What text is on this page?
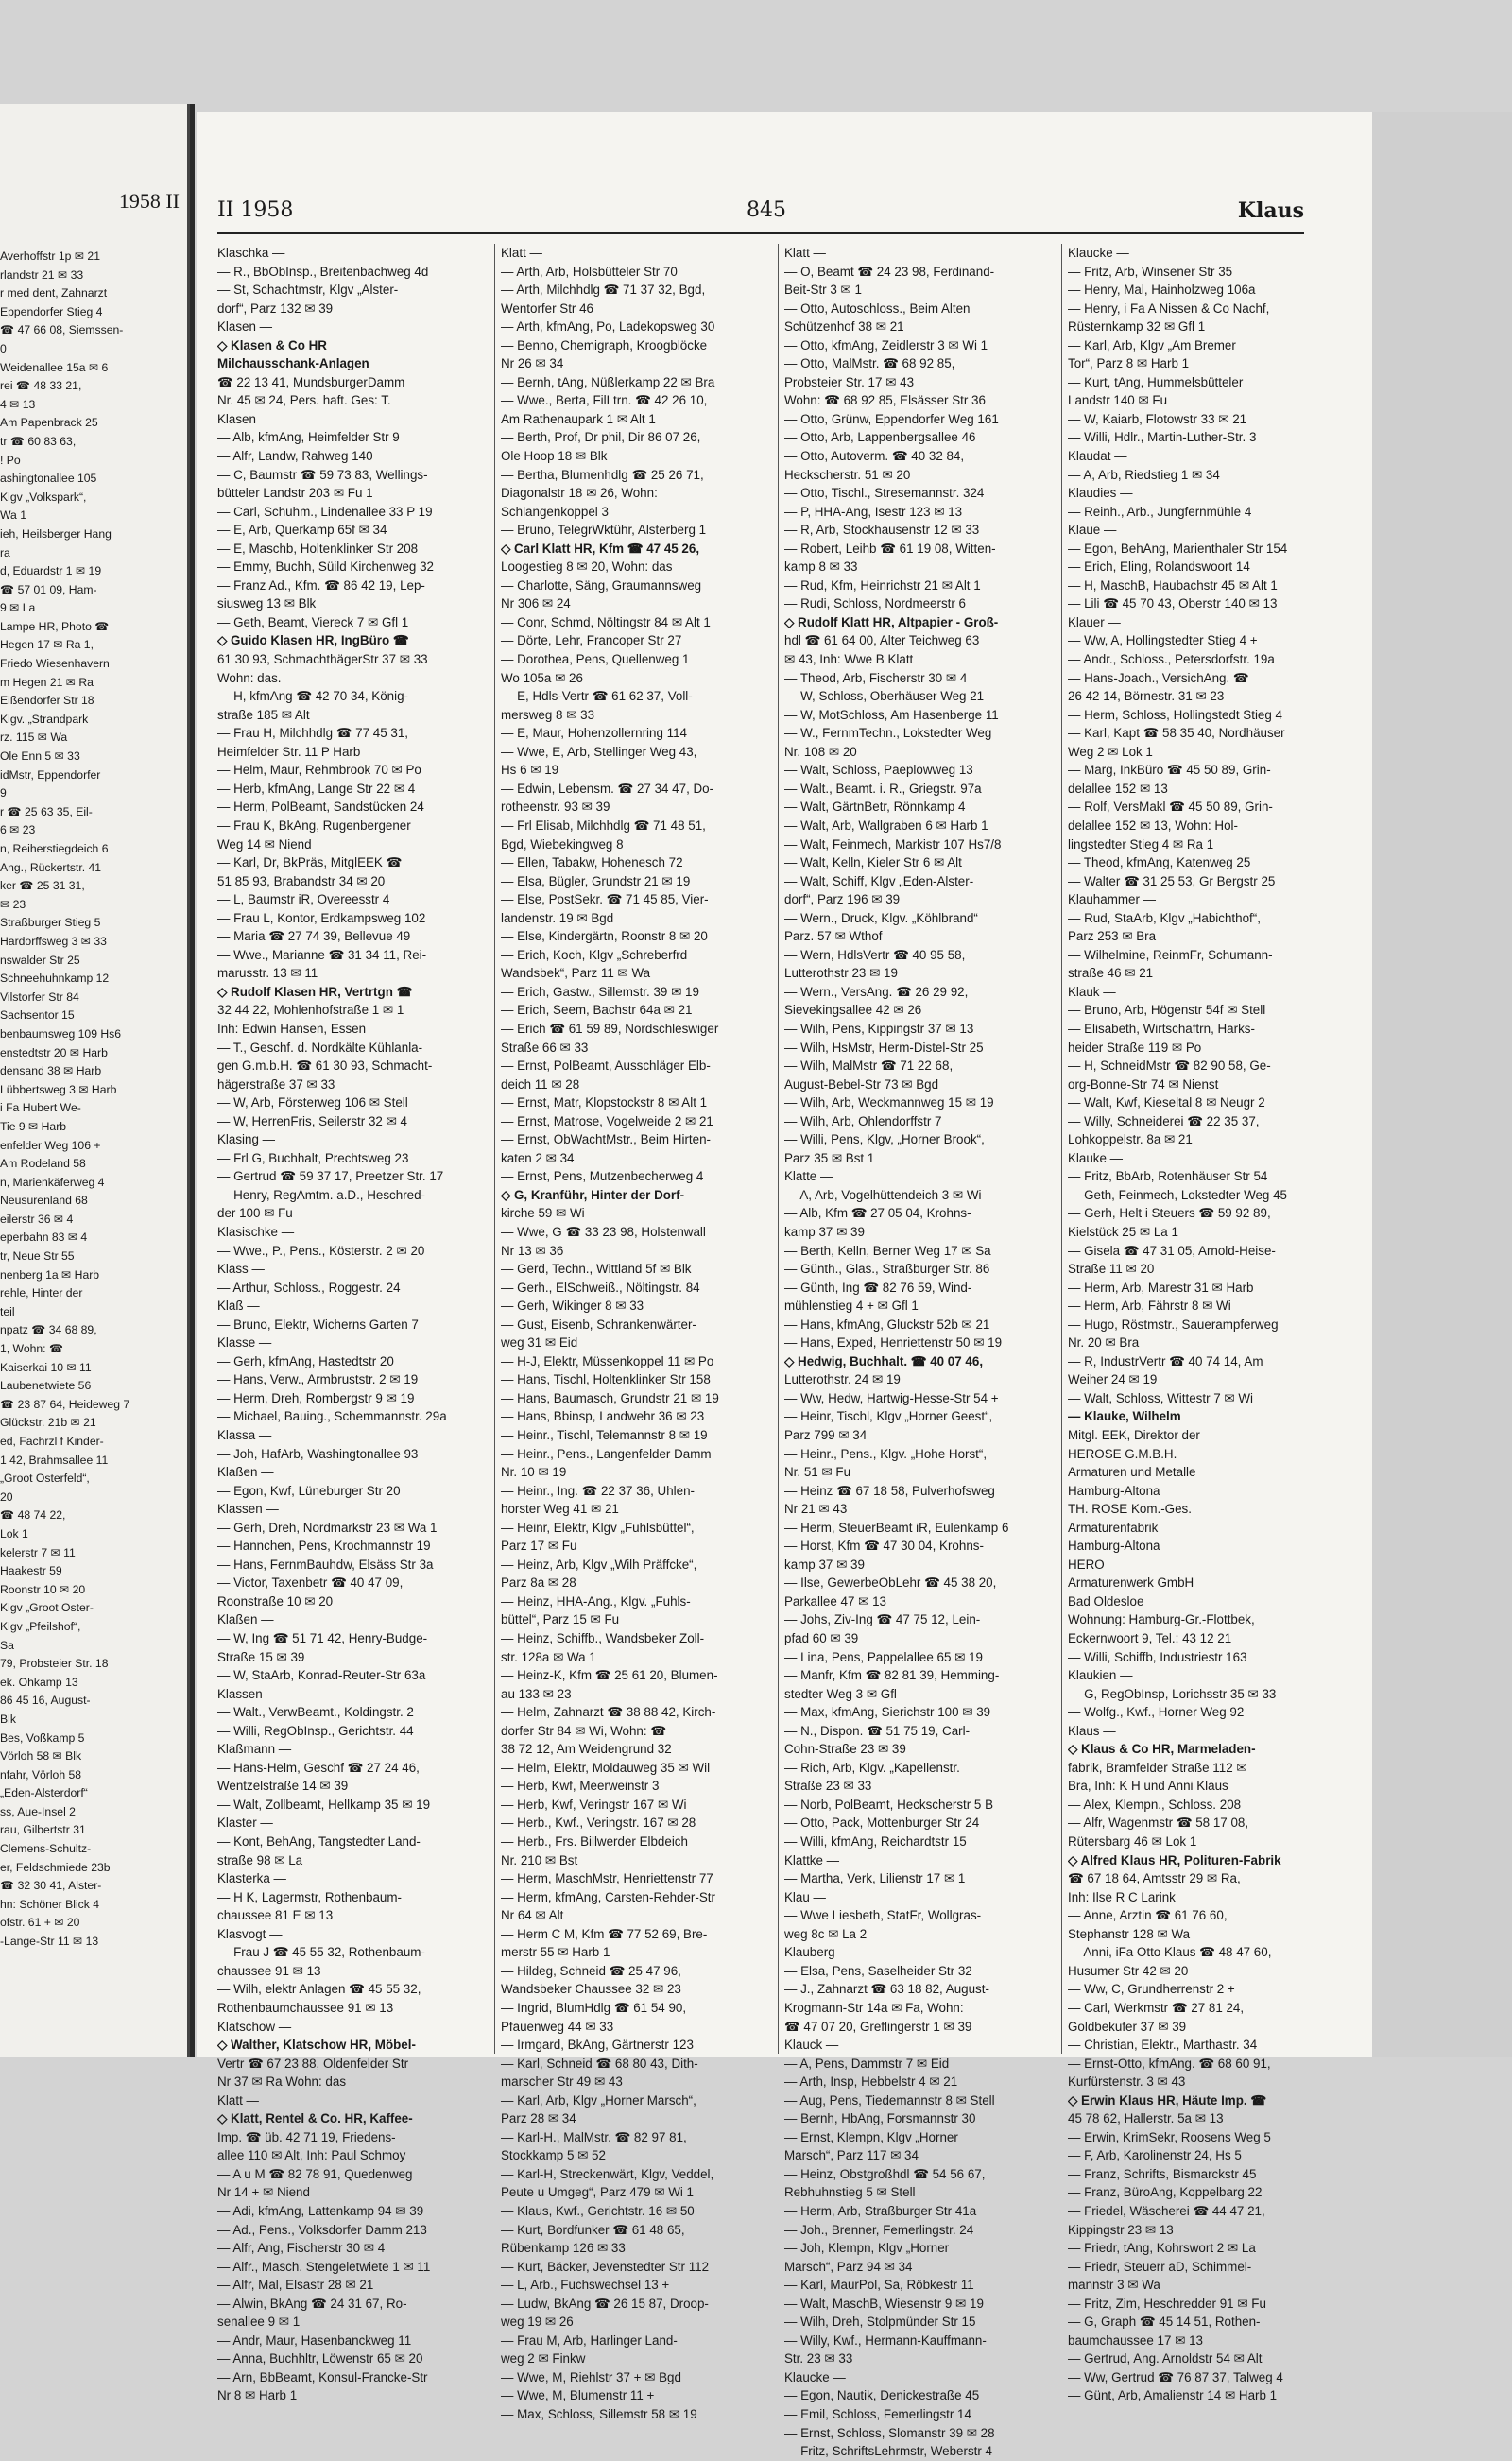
1958 II
Averhoffstr 1p ✉ 21
rlandstr 21 ✉ 33
r med dent, Zahnarzt
Eppendorfer Stieg 4
☎ 47 66 08, Siemssen-
0
Weidenallee 15a ✉ 6
rei ☎ 48 33 21,
4 ✉ 13
Am Papenbrack 25
tr ☎ 60 83 63,
! Po
ashingtonallee 105
Klgv „Volkspark“,
Wa 1
ieh, Heilsberger Hang
ra
d, Eduardstr 1 ✉ 19
☎ 57 01 09, Ham-
9 ✉ La
Lampe HR, Photo ☎
Hegen 17 ✉ Ra 1,
Friedo Wiesenhavern
m Hegen 21 ✉ Ra
Eißendorfer Str 18
Klgv. „Strandpark
rz. 115 ✉ Wa
Ole Enn 5 ✉ 33
idMstr, Eppendorfer
9
r ☎ 25 63 35, Eil-
6 ✉ 23
n, Reiherstiegdeich 6
Ang., Rückertstr. 41
ker ☎ 25 31 31,
✉ 23
Straßburger Stieg 5
Hardorffsweg 3 ✉ 33
nswalder Str 25
Schneehuhnkamp 12
Vilstorfer Str 84
Sachsentor 15
benbaumsweg 109 Hs6
enstedtstr 20 ✉ Harb
densand 38 ✉ Harb
Lübbertsweg 3 ✉ Harb
i Fa Hubert We-
Tie 9 ✉ Harb
enfelder Weg 106 +
Am Rodeland 58
n, Marienkäferweg 4
Neusurenland 68
eilerstr 36 ✉ 4
eperbahn 83 ✉ 4
tr, Neue Str 55
nenberg 1a ✉ Harb
rehle, Hinter der
teil
npatz ☎ 34 68 89,
1, Wohn: ☎
Kaiserkai 10 ✉ 11
Laubenetwiete 56
☎ 23 87 64, Heideweg 7
Glückstr. 21b ✉ 21
ed, Fachrzl f Kinder-
1 42, Brahmsallee 11
„Groot Osterfeld“,
20
☎ 48 74 22,
Lok 1
kelerstr 7 ✉ 11
Haakestr 59
Roonstr 10 ✉ 20
Klgv „Groot Oster-
Klgv „Pfeilshof“,
Sa
79, Probsteier Str. 18
ek. Ohkamp 13
86 45 16, August-
Blk
Bes, Voßkamp 5
Vörloh 58 ✉ Blk
nfahr, Vörloh 58
„Eden-Alsterdorf“
ss, Aue-Insel 2
rau, Gilbertstr 31
Clemens-Schultz-
er, Feldschmiede 23b
☎ 32 30 41, Alster-
hn: Schöner Blick 4
ofstr. 61 + ✉ 20
-Lange-Str 11 ✉ 13
II 1958	845	Klaus
Klaschka —
— R., BbObInsp., Breitenbachweg 4d
— St, Schachtmstr, Klgv „Alster-
dorf“, Parz 132 ✉ 39
Klasen —
◇ Klasen & Co HR
Milchausschank-Anlagen
☎ 22 13 41, MundsburgerDamm
Nr. 45 ✉ 24, Pers. haft. Ges: T.
Klasen
— Alb, kfmAng, Heimfelder Str 9
— Alfr, Landw, Rahweg 140
— C, Baumstr ☎ 59 73 83, Wellings-
bütteler Landstr 203 ✉ Fu 1
— Carl, Schuhm., Lindenallee 33 P 19
— E, Arb, Querkamp 65f ✉ 34
— E, Maschb, Holtenklinker Str 208
— Emmy, Buchh, Süild Kirchenweg 32
— Franz Ad., Kfm. ☎ 86 42 19, Lep-
siusweg 13 ✉ Blk
— Geth, Beamt, Viereck 7 ✉ Gfl 1
◇ Guido Klasen HR, IngBüro ☎
61 30 93, SchmachthägerStr 37 ✉ 33
Wohn: das.
— H, kfmAng ☎ 42 70 34, König-
straße 185 ✉ Alt
— Frau H, Milchhdlg ☎ 77 45 31,
Heimfelder Str. 11 P Harb
— Helm, Maur, Rehmbrook 70 ✉ Po
— Herb, kfmAng, Lange Str 22 ✉ 4
— Herm, PolBeamt, Sandstücken 24
— Frau K, BkAng, Rugenbergener
Weg 14 ✉ Niend
— Karl, Dr, BkPräs, MitglEEK ☎
51 85 93, Brabandstr 34 ✉ 20
— L, Baumstr iR, Overeesstr 4
— Frau L, Kontor, Erdkampsweg 102
— Maria ☎ 27 74 39, Bellevue 49
— Wwe., Marianne ☎ 31 34 11, Rei-
marusstr. 13 ✉ 11
◇ Rudolf Klasen HR, Vertrtgn ☎
32 44 22, Mohlenhofstraße 1 ✉ 1
Inh: Edwin Hansen, Essen
— T., Geschf. d. Nordkälte Kühlanla-
gen G.m.b.H. ☎ 61 30 93, Schmacht-
hägerstraße 37 ✉ 33
— W, Arb, Försterweg 106 ✉ Stell
— W, HerrenFris, Seilerstr 32 ✉ 4
Klasing —
— Frl G, Buchhalt, Prechtsweg 23
— Gertrud ☎ 59 37 17, Preetzer Str. 17
— Henry, RegAmtm. a.D., Heschred-
der 100 ✉ Fu
Klasischke —
— Wwe., P., Pens., Kösterstr. 2 ✉ 20
Klass —
— Arthur, Schloss., Roggestr. 24
Klaß —
— Bruno, Elektr, Wicherns Garten 7
Klasse —
— Gerh, kfmAng, Hastedtstr 20
— Hans, Verw., Armbruststr. 2 ✉ 19
— Herm, Dreh, Rombergstr 9 ✉ 19
— Michael, Bauing., Schemmannstr. 29a
Klassa —
— Joh, HafArb, Washingtonallee 93
Klaßen —
— Egon, Kwf, Lüneburger Str 20
Klassen —
— Gerh, Dreh, Nordmarkstr 23 ✉ Wa 1
— Hannchen, Pens, Krochmannstr 19
— Hans, FernmBauhdw, Elsäss Str 3a
— Victor, Taxenbetr ☎ 40 47 09,
Roonstraße 10 ✉ 20
Klaßen —
— W, Ing ☎ 51 71 42, Henry-Budge-
Straße 15 ✉ 39
— W, StaArb, Konrad-Reuter-Str 63a
Klassen —
— Walt., VerwBeamt., Koldingstr. 2
— Willi, RegObInsp., Gerichtstr. 44
Klaßmann —
— Hans-Helm, Geschf ☎ 27 24 46,
Wentzelstraße 14 ✉ 39
— Walt, Zollbeamt, Hellkamp 35 ✉ 19
Klaster —
— Kont, BehAng, Tangstedter Land-
straße 98 ✉ La
Klasterka —
— H K, Lagermstr, Rothenbaum-
chaussee 81 E ✉ 13
Klasvogt —
— Frau J ☎ 45 55 32, Rothenbaum-
chaussee 91 ✉ 13
— Wilh, elektr Anlagen ☎ 45 55 32,
Rothenbaumchaussee 91 ✉ 13
Klatschow —
◇ Walther, Klatschow HR, Möbel-
Vertr ☎ 67 23 88, Oldenfelder Str
Nr 37 ✉ Ra Wohn: das
Klatt —
◇ Klatt, Rentel & Co. HR, Kaffee-
Imp. ☎ üb. 42 71 19, Friedens-
allee 110 ✉ Alt, Inh: Paul Schmoy
— A u M ☎ 82 78 91, Quedenweg
Nr 14 + ✉ Niend
— Adi, kfmAng, Lattenkamp 94 ✉ 39
— Ad., Pens., Volksdorfer Damm 213
— Alfr, Ang, Fischerstr 30 ✉ 4
— Alfr., Masch. Stengeletwiete 1 ✉ 11
— Alfr, Mal, Elsastr 28 ✉ 21
— Alwin, BkAng ☎ 24 31 67, Ro-
senallee 9 ✉ 1
— Andr, Maur, Hasenbanckweg 11
— Anna, Buchhltr, Löwenstr 65 ✉ 20
— Arn, BbBeamt, Konsul-Francke-Str
Nr 8 ✉ Harb 1
Klatt —
— Arth, Arb, Holsbütteler Str 70
— Arth, Milchhdlg ☎ 71 37 32, Bgd,
Wentorfer Str 46
— Arth, kfmAng, Po, Ladekopsweg 30
— Benno, Chemigraph, Kroogblöcke
Nr 26 ✉ 34
— Bernh, tAng, Nüßlerkamp 22 ✉ Bra
— Wwe., Berta, FilLtrn. ☎ 42 26 10,
Am Rathenaupark 1 ✉ Alt 1
— Berth, Prof, Dr phil, Dir 86 07 26,
Ole Hoop 18 ✉ Blk
— Bertha, Blumenhdlg ☎ 25 26 71,
Diagonalstr 18 ✉ 26, Wohn:
Schlangenkoppel 3
— Bruno, TelegrWktühr, Alsterberg 1
◇ Carl Klatt HR, Kfm ☎ 47 45 26,
Loogestieg 8 ✉ 20, Wohn: das
— Charlotte, Säng, Graumannsweg
Nr 306 ✉ 24
— Conr, Schmd, Nöltingstr 84 ✉ Alt 1
— Dörte, Lehr, Francoper Str 27
— Dorothea, Pens, Quellenweg 1
Wo 105a ✉ 26
— E, Hdls-Vertr ☎ 61 62 37, Voll-
mersweg 8 ✉ 33
— E, Maur, Hohenzollernring 114
— Wwe, E, Arb, Stellinger Weg 43,
Hs 6 ✉ 19
— Edwin, Lebensm. ☎ 27 34 47, Do-
rotheenstr. 93 ✉ 39
— Frl Elisab, Milchhdlg ☎ 71 48 51,
Bgd, Wiebekingweg 8
— Ellen, Tabakw, Hohenesch 72
— Elsa, Bügler, Grundstr 21 ✉ 19
— Else, PostSekr. ☎ 71 45 85, Vier-
landenstr. 19 ✉ Bgd
— Else, Kindergärtn, Roonstr 8 ✉ 20
— Erich, Koch, Klgv „Schreberfrd
Wandsbek“, Parz 11 ✉ Wa
— Erich, Gastw., Sillemstr. 39 ✉ 19
— Erich, Seem, Bachstr 64a ✉ 21
— Erich ☎ 61 59 89, Nordschleswiger
Straße 66 ✉ 33
— Ernst, PolBeamt, Ausschläger Elb-
deich 11 ✉ 28
— Ernst, Matr, Klopstockstr 8 ✉ Alt 1
— Ernst, Matrose, Vogelweide 2 ✉ 21
— Ernst, ObWachtMstr., Beim Hirten-
katen 2 ✉ 34
— Ernst, Pens, Mutzenbecherweg 4
◇ G, Kranführ, Hinter der Dorf-
kirche 59 ✉ Wi
— Wwe, G ☎ 33 23 98, Holstenwall
Nr 13 ✉ 36
— Gerd, Techn., Wittland 5f ✉ Blk
— Gerh., ElSchweiß., Nöltingstr. 84
— Gerh, Wikinger 8 ✉ 33
— Gust, Eisenb, Schrankenwärter-
weg 31 ✉ Eid
— H-J, Elektr, Müssenkoppel 11 ✉ Po
— Hans, Tischl, Holtenklinker Str 158
— Hans, Baumasch, Grundstr 21 ✉ 19
— Hans, Bbinsp, Landwehr 36 ✉ 23
— Heinr., Tischl, Telemannstr 8 ✉ 19
— Heinr., Pens., Langenfelder Damm
Nr. 10 ✉ 19
— Heinr., Ing. ☎ 22 37 36, Uhlen-
horster Weg 41 ✉ 21
— Heinr, Elektr, Klgv „Fuhlsbüttel“,
Parz 17 ✉ Fu
— Heinz, Arb, Klgv „Wilh Präffcke“,
Parz 8a ✉ 28
— Heinz, HHA-Ang., Klgv. „Fuhls-
büttel“, Parz 15 ✉ Fu
— Heinz, Schiffb., Wandsbeker Zoll-
str. 128a ✉ Wa 1
— Heinz-K, Kfm ☎ 25 61 20, Blumen-
au 133 ✉ 23
— Helm, Zahnarzt ☎ 38 88 42, Kirch-
dorfer Str 84 ✉ Wi, Wohn: ☎
38 72 12, Am Weidengrund 32
— Helm, Elektr, Moldauweg 35 ✉ Wil
— Herb, Kwf, Meerweinstr 3
— Herb, Kwf, Veringstr 167 ✉ Wi
— Herb., Kwf., Veringstr. 167 ✉ 28
— Herb., Frs. Billwerder Elbdeich
Nr. 210 ✉ Bst
— Herm, MaschMstr, Henriettenstr 77
— Herm, kfmAng, Carsten-Rehder-Str
Nr 64 ✉ Alt
— Herm C M, Kfm ☎ 77 52 69, Bre-
merstr 55 ✉ Harb 1
— Hildeg, Schneid ☎ 25 47 96,
Wandsbeker Chaussee 32 ✉ 23
— Ingrid, BlumHdlg ☎ 61 54 90,
Pfauenweg 44 ✉ 33
— Irmgard, BkAng, Gärtnerstr 123
— Karl, Schneid ☎ 68 80 43, Dith-
marscher Str 49 ✉ 43
— Karl, Arb, Klgv „Horner Marsch“,
Parz 28 ✉ 34
— Karl-H., MalMstr. ☎ 82 97 81,
Stockkamp 5 ✉ 52
— Karl-H, Streckenwärt, Klgv, Veddel,
Peute u Umgeg“, Parz 479 ✉ Wi 1
— Klaus, Kwf., Gerichtstr. 16 ✉ 50
— Kurt, Bordfunker ☎ 61 48 65,
Rübenkamp 126 ✉ 33
— Kurt, Bäcker, Jevenstedter Str 112
— L, Arb., Fuchswechsel 13 +
— Ludw, BkAng ☎ 26 15 87, Droop-
weg 19 ✉ 26
— Frau M, Arb, Harlinger Land-
weg 2 ✉ Finkw
— Wwe, M, Riehlstr 37 + ✉ Bgd
— Wwe, M, Blumenstr 11 +
— Max, Schloss, Sillemstr 58 ✉ 19
Klatt —
— O, Beamt ☎ 24 23 98, Ferdinand-
Beit-Str 3 ✉ 1
— Otto, Autoschloss., Beim Alten
Schützenhof 38 ✉ 21
— Otto, kfmAng, Zeidlerstr 3 ✉ Wi 1
— Otto, MalMstr. ☎ 68 92 85,
Probsteier Str. 17 ✉ 43
Wohn: ☎ 68 92 85, Elsässer Str 36
— Otto, Grünw, Eppendorfer Weg 161
— Otto, Arb, Lappenbergsallee 46
— Otto, Autoverm. ☎ 40 32 84,
Heckscherstr. 51 ✉ 20
— Otto, Tischl., Stresemannstr. 324
— P, HHA-Ang, Isestr 123 ✉ 13
— R, Arb, Stockhausenstr 12 ✉ 33
— Robert, Leihb ☎ 61 19 08, Witten-
kamp 8 ✉ 33
— Rud, Kfm, Heinrichstr 21 ✉ Alt 1
— Rudi, Schloss, Nordmeerstr 6
◇ Rudolf Klatt HR, Altpapier - Groß-
hdl ☎ 61 64 00, Alter Teichweg 63
✉ 43, Inh: Wwe B Klatt
— Theod, Arb, Fischerstr 30 ✉ 4
— W, Schloss, Oberhäuser Weg 21
— W, MotSchloss, Am Hasenberge 11
— W., FernmTechn., Lokstedter Weg
Nr. 108 ✉ 20
— Walt, Schloss, Paeplowweg 13
— Walt., Beamt. i. R., Griegstr. 97a
— Walt, GärtnBetr, Rönnkamp 4
— Walt, Arb, Wallgraben 6 ✉ Harb 1
— Walt, Feinmech, Markistr 107 Hs7/8
— Walt, Kelln, Kieler Str 6 ✉ Alt
— Walt, Schiff, Klgv „Eden-Alster-
dorf“, Parz 196 ✉ 39
— Wern., Druck, Klgv. „Köhlbrand“
Parz. 57 ✉ Wthof
— Wern, HdlsVertr ☎ 40 95 58,
Lutterothstr 23 ✉ 19
— Wern., VersAng. ☎ 26 29 92,
Sievekingsallee 42 ✉ 26
— Wilh, Pens, Kippingstr 37 ✉ 13
— Wilh, HsMstr, Herm-Distel-Str 25
— Wilh, MalMstr ☎ 71 22 68,
August-Bebel-Str 73 ✉ Bgd
— Wilh, Arb, Weckmannweg 15 ✉ 19
— Wilh, Arb, Ohlendorffstr 7
— Willi, Pens, Klgv, „Horner Brook“,
Parz 35 ✉ Bst 1
Klatte —
— A, Arb, Vogelhüttendeich 3 ✉ Wi
— Alb, Kfm ☎ 27 05 04, Krohns-
kamp 37 ✉ 39
— Berth, Kelln, Berner Weg 17 ✉ Sa
— Günth., Glas., Straßburger Str. 86
— Günth, Ing ☎ 82 76 59, Wind-
mühlenstieg 4 + ✉ Gfl 1
— Hans, kfmAng, Gluckstr 52b ✉ 21
— Hans, Exped, Henriettenstr 50 ✉ 19
◇ Hedwig, Buchhalt. ☎ 40 07 46,
Lutterothstr. 24 ✉ 19
— Ww, Hedw, Hartwig-Hesse-Str 54 +
— Heinr, Tischl, Klgv „Horner Geest“,
Parz 799 ✉ 34
— Heinr., Pens., Klgv. „Hohe Horst“,
Nr. 51 ✉ Fu
— Heinz ☎ 67 18 58, Pulverhofsweg
Nr 21 ✉ 43
— Herm, SteuerBeamt iR, Eulenkamp 6
— Horst, Kfm ☎ 47 30 04, Krohns-
kamp 37 ✉ 39
— Ilse, GewerbeObLehr ☎ 45 38 20,
Parkallee 47 ✉ 13
— Johs, Ziv-Ing ☎ 47 75 12, Lein-
pfad 60 ✉ 39
— Lina, Pens, Pappelallee 65 ✉ 19
— Manfr, Kfm ☎ 82 81 39, Hemming-
stedter Weg 3 ✉ Gfl
— Max, kfmAng, Sierichstr 100 ✉ 39
— N., Dispon. ☎ 51 75 19, Carl-
Cohn-Straße 23 ✉ 39
— Rich, Arb, Klgv. „Kapellenstr.
Straße 23 ✉ 33
— Norb, PolBeamt, Heckscherstr 5 B
— Otto, Pack, Mottenburger Str 24
— Willi, kfmAng, Reichardtstr 15
Klattke —
— Martha, Verk, Lilienstr 17 ✉ 1
Klau —
— Wwe Liesbeth, StatFr, Wollgras-
weg 8c ✉ La 2
Klauberg —
— Elsa, Pens, Saselheider Str 32
— J., Zahnarzt ☎ 63 18 82, August-
Krogmann-Str 14a ✉ Fa, Wohn:
☎ 47 07 20, Greflingerstr 1 ✉ 39
Klauck —
— A, Pens, Dammstr 7 ✉ Eid
— Arth, Insp, Hebbelstr 4 ✉ 21
— Aug, Pens, Tiedemannstr 8 ✉ Stell
— Bernh, HbAng, Forsmannstr 30
— Ernst, Klempn, Klgv „Horner
Marsch“, Parz 117 ✉ 34
— Heinz, Obstgroßhdl ☎ 54 56 67,
Rebhuhnstieg 5 ✉ Stell
— Herm, Arb, Straßburger Str 41a
— Joh., Brenner, Femerlingstr. 24
— Joh, Klempn, Klgv „Horner
Marsch“, Parz 94 ✉ 34
— Karl, MaurPol, Sa, Röbkestr 11
— Walt, MaschB, Wiesenstr 9 ✉ 19
— Wilh, Dreh, Stolpmünder Str 15
— Willy, Kwf., Hermann-Kauffmann-
Str. 23 ✉ 33
Klaucke —
— Egon, Nautik, Denickestraße 45
— Emil, Schloss, Femerlingstr 14
— Ernst, Schloss, Slomanstr 39 ✉ 28
— Fritz, SchriftsLehrmstr, Weberstr 4
Klaucke —
— Fritz, Arb, Winsener Str 35
— Henry, Mal, Hainholzweg 106a
— Henry, i Fa A Nissen & Co Nachf,
Rüsternkamp 32 ✉ Gfl 1
— Karl, Arb, Klgv „Am Bremer
Tor“, Parz 8 ✉ Harb 1
— Kurt, tAng, Hummelsbütteler
Landstr 140 ✉ Fu
— W, Kaiarb, Flotowstr 33 ✉ 21
— Willi, Hdlr., Martin-Luther-Str. 3
Klaudat —
— A, Arb, Riedstieg 1 ✉ 34
Klaudies —
— Reinh., Arb., Jungfernmühle 4
Klaue —
— Egon, BehAng, Marienthaler Str 154
— Erich, Eling, Rolandswoort 14
— H, MaschB, Haubachstr 45 ✉ Alt 1
— Lili ☎ 45 70 43, Oberstr 140 ✉ 13
Klauer —
— Ww, A, Hollingstedter Stieg 4 +
— Andr., Schloss., Petersdorfstr. 19a
— Hans-Joach., VersichAng. ☎
26 42 14, Börnestr. 31 ✉ 23
— Herm, Schloss, Hollingstedt Stieg 4
— Karl, Kapt ☎ 58 35 40, Nordhäuser
Weg 2 ✉ Lok 1
— Marg, InkBüro ☎ 45 50 89, Grin-
delallee 152 ✉ 13
— Rolf, VersMakl ☎ 45 50 89, Grin-
delallee 152 ✉ 13, Wohn: Hol-
lingstedter Stieg 4 ✉ Ra 1
— Theod, kfmAng, Katenweg 25
— Walter ☎ 31 25 53, Gr Bergstr 25
Klauhammer —
— Rud, StaArb, Klgv „Habichthof“,
Parz 253 ✉ Bra
— Wilhelmine, ReinmFr, Schumann-
straße 46 ✉ 21
Klauk —
— Bruno, Arb, Högenstr 54f ✉ Stell
— Elisabeth, Wirtschaftrn, Harks-
heider Straße 119 ✉ Po
— H, SchneidMstr ☎ 82 90 58, Ge-
org-Bonne-Str 74 ✉ Nienst
— Walt, Kwf, Kieseltal 8 ✉ Neugr 2
— Willy, Schneiderei ☎ 22 35 37,
Lohkoppelstr. 8a ✉ 21
Klauke —
— Fritz, BbArb, Rotenhäuser Str 54
— Geth, Feinmech, Lokstedter Weg 45
— Gerh, Helt i Steuers ☎ 59 92 89,
Kielstück 25 ✉ La 1
— Gisela ☎ 47 31 05, Arnold-Heise-
Straße 11 ✉ 20
— Herm, Arb, Marestr 31 ✉ Harb
— Herm, Arb, Fährstr 8 ✉ Wi
— Hugo, Röstmstr., Sauerampferweg
Nr. 20 ✉ Bra
— R, IndustrVertr ☎ 40 74 14, Am
Weiher 24 ✉ 19
— Walt, Schloss, Wittestr 7 ✉ Wi
— Klauke, Wilhelm
Mitgl. EEK, Direktor der
HEROSE G.M.B.H.
Armaturen und Metalle
Hamburg-Altona
TH. ROSE Kom.-Ges.
Armaturenfabrik
Hamburg-Altona
HERO
Armaturenwerk GmbH
Bad Oldesloe
Wohnung: Hamburg-Gr.-Flottbek,
Eckernwoort 9, Tel.: 43 12 21
— Willi, Schiffb, Industriestr 163
Klaukien —
— G, RegObInsp, Lorichsstr 35 ✉ 33
— Wolfg., Kwf., Horner Weg 92
Klaus —
◇ Klaus & Co HR, Marmeladen-
fabrik, Bramfelder Straße 112 ✉
Bra, Inh: K H und Anni Klaus
— Alex, Klempn., Schloss. 208
— Alfr, Wagenmstr ☎ 58 17 08,
Rütersbarg 46 ✉ Lok 1
◇ Alfred Klaus HR, Polituren-Fabrik
☎ 67 18 64, Amtsstr 29 ✉ Ra,
Inh: Ilse R C Larink
— Anne, Arztin ☎ 61 76 60,
Stephanstr 128 ✉ Wa
— Anni, iFa Otto Klaus ☎ 48 47 60,
Husumer Str 42 ✉ 20
— Ww, C, Grundherrenstr 2 +
— Carl, Werkmstr ☎ 27 81 24,
Goldbekufer 37 ✉ 39
— Christian, Elektr., Marthastr. 34
— Ernst-Otto, kfmAng. ☎ 68 60 91,
Kurfürstenstr. 3 ✉ 43
◇ Erwin Klaus HR, Häute Imp. ☎
45 78 62, Hallerstr. 5a ✉ 13
— Erwin, KrimSekr, Roosens Weg 5
— F, Arb, Karolinenstr 24, Hs 5
— Franz, Schrifts, Bismarckstr 45
— Franz, BüroAng, Koppelbarg 22
— Friedel, Wäscherei ☎ 44 47 21,
Kippingstr 23 ✉ 13
— Friedr, tAng, Kohrswort 2 ✉ La
— Friedr, Steuerr aD, Schimmel-
mannstr 3 ✉ Wa
— Fritz, Zim, Heschredder 91 ✉ Fu
— G, Graph ☎ 45 14 51, Rothen-
baumchaussee 17 ✉ 13
— Gertrud, Ang. Arnoldstr 54 ✉ Alt
— Ww, Gertrud ☎ 76 87 37, Talweg 4
— Günt, Arb, Amalienstr 14 ✉ Harb 1
